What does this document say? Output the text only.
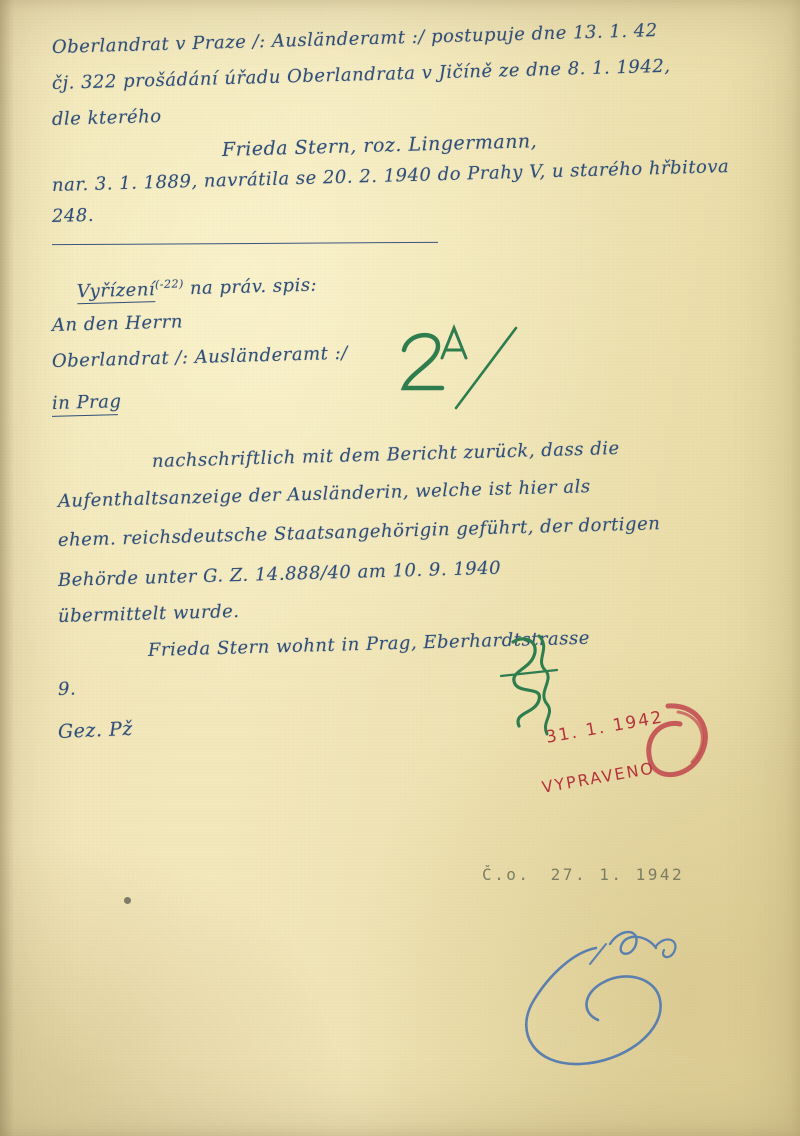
Oberlandrat v Praze /: Ausländeramt :/ postupuje dne 13. 1. 42
čj. 322 prošádání úřadu Oberlandrata v Jičíně ze dne 8. 1. 1942,
dle kterého
Frieda Stern, roz. Lingermann,
nar. 3. 1. 1889, navrátila se 20. 2. 1940 do Prahy V, u starého hřbitova
248.

Vyřízení$^{(-22)}$ na práv. spis:

An den Herrn
Oberlandrat /: Ausländeramt :/
in Prag
nachschriftlich mit dem Bericht zurück, dass die
Aufenthaltsanzeige der Ausländerin, welche ist hier als
ehem. reichsdeutsche Staatsangehörigin geführt, der dortigen
Behörde unter G. Z. 14.888/40 am 10. 9. 1940
übermittelt wurde.
Frieda Stern wohnt in Prag, Eberhardtstrasse
9.
Gez. Pž	31. 1. 1942
VYPRAVENO
Č.o. 27. 1. 1942
